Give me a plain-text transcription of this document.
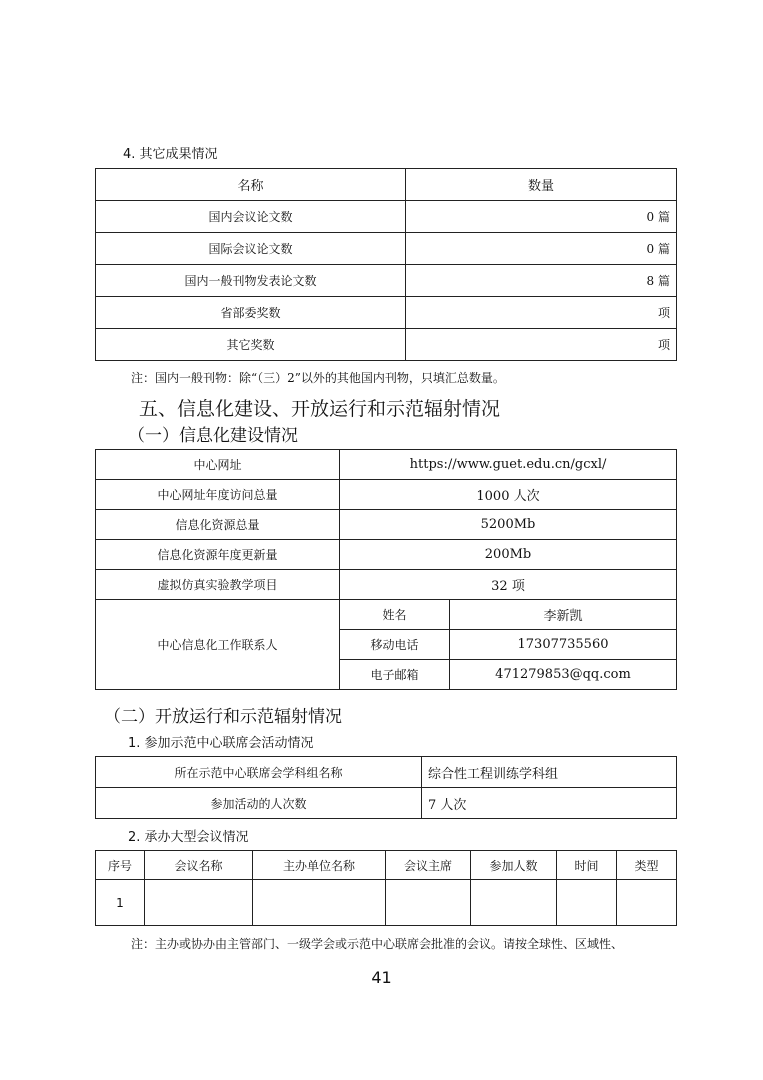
4. 其它成果情况
名称	数量
国内会议论文数	0 篇
国际会议论文数	0 篇
国内一般刊物发表论文数	8 篇
省部委奖数	项
其它奖数	项
注：国内一般刊物：除“（三）2”以外的其他国内刊物，只填汇总数量。
五、信息化建设、开放运行和示范辐射情况
（一）信息化建设情况
中心网址	https://www.guet.edu.cn/gcxl/	
中心网址年度访问总量	1000 人次	
信息化资源总量	5200Mb	
信息化资源年度更新量	200Mb	
虚拟仿真实验教学项目	32 项	
中心信息化工作联系人	姓名	李新凯
	移动电话	17307735560
	电子邮箱	471279853@qq.com
（二）开放运行和示范辐射情况
1. 参加示范中心联席会活动情况
所在示范中心联席会学科组名称	综合性工程训练学科组
参加活动的人次数	7 人次
2. 承办大型会议情况
序号	会议名称	主办单位名称	会议主席	参加人数	时间	类型
1						
注：主办或协办由主管部门、一级学会或示范中心联席会批准的会议。请按全球性、区域性、
41
